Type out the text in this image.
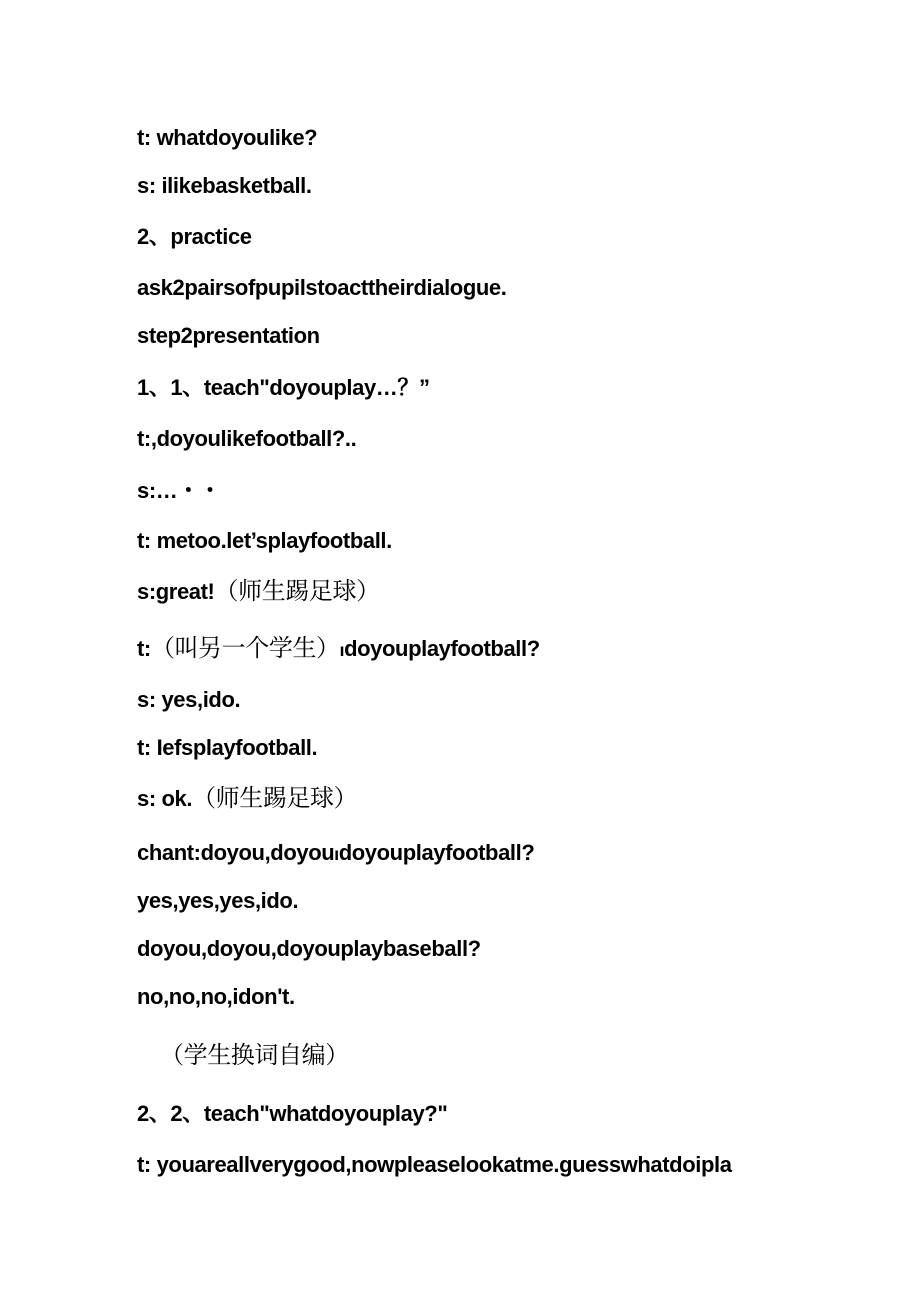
t: whatdoyoulike?
s: ilikebasketball.
2、practice
ask2pairsofpupilstoacttheirdialogue.
step2presentation
1、1、teach"doyouplay…？”
t:,doyoulikefootball?..
s:…・・
t: metoo.let’splayfootball.
s:great!（师生踢足球）
t:（叫另一个学生）ₗdoyouplayfootball?
s: yes,ido.
t: Iefsplayfootball.
s: ok.（师生踢足球）
chant:doyou,doyouₗdoyouplayfootball?
yes,yes,yes,ido.
doyou,doyou,doyouplaybaseball?
no,no,no,idon't.
（学生换词自编）
2、2、teach"whatdoyouplay?"
t: youareallverygood,nowpleaselookatme.guesswhatdoipla
